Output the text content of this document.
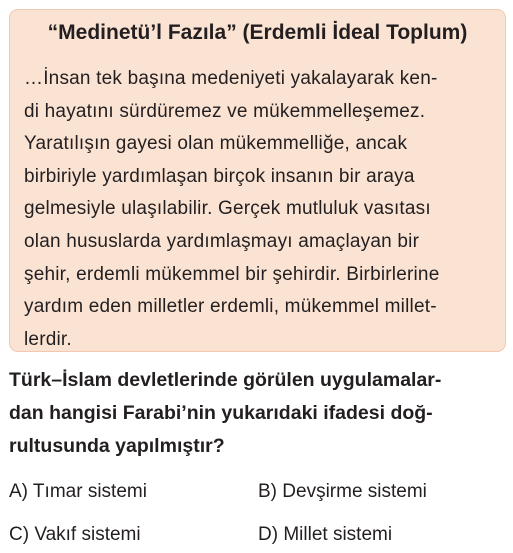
“Medinetü’l Fazıla” (Erdemli İdeal Toplum)

…İnsan tek başına medeniyeti yakalayarak ken-
di hayatını sürdüremez ve mükemmelleşemez.
Yaratılışın gayesi olan mükemmelliğe, ancak
birbiriyle yardımlaşan birçok insanın bir araya
gelmesiyle ulaşılabilir. Gerçek mutluluk vasıtası
olan hususlarda yardımlaşmayı amaçlayan bir
şehir, erdemli mükemmel bir şehirdir. Birbirlerine
yardım eden milletler erdemli, mükemmel millet-
lerdir.

Türk–İslam devletlerinde görülen uygulamalar-
dan hangisi Farabi’nin yukarıdaki ifadesi doğ-
rultusunda yapılmıştır?

A) Tımar sistemi	B) Devşirme sistemi
C) Vakıf sistemi	D) Millet sistemi
